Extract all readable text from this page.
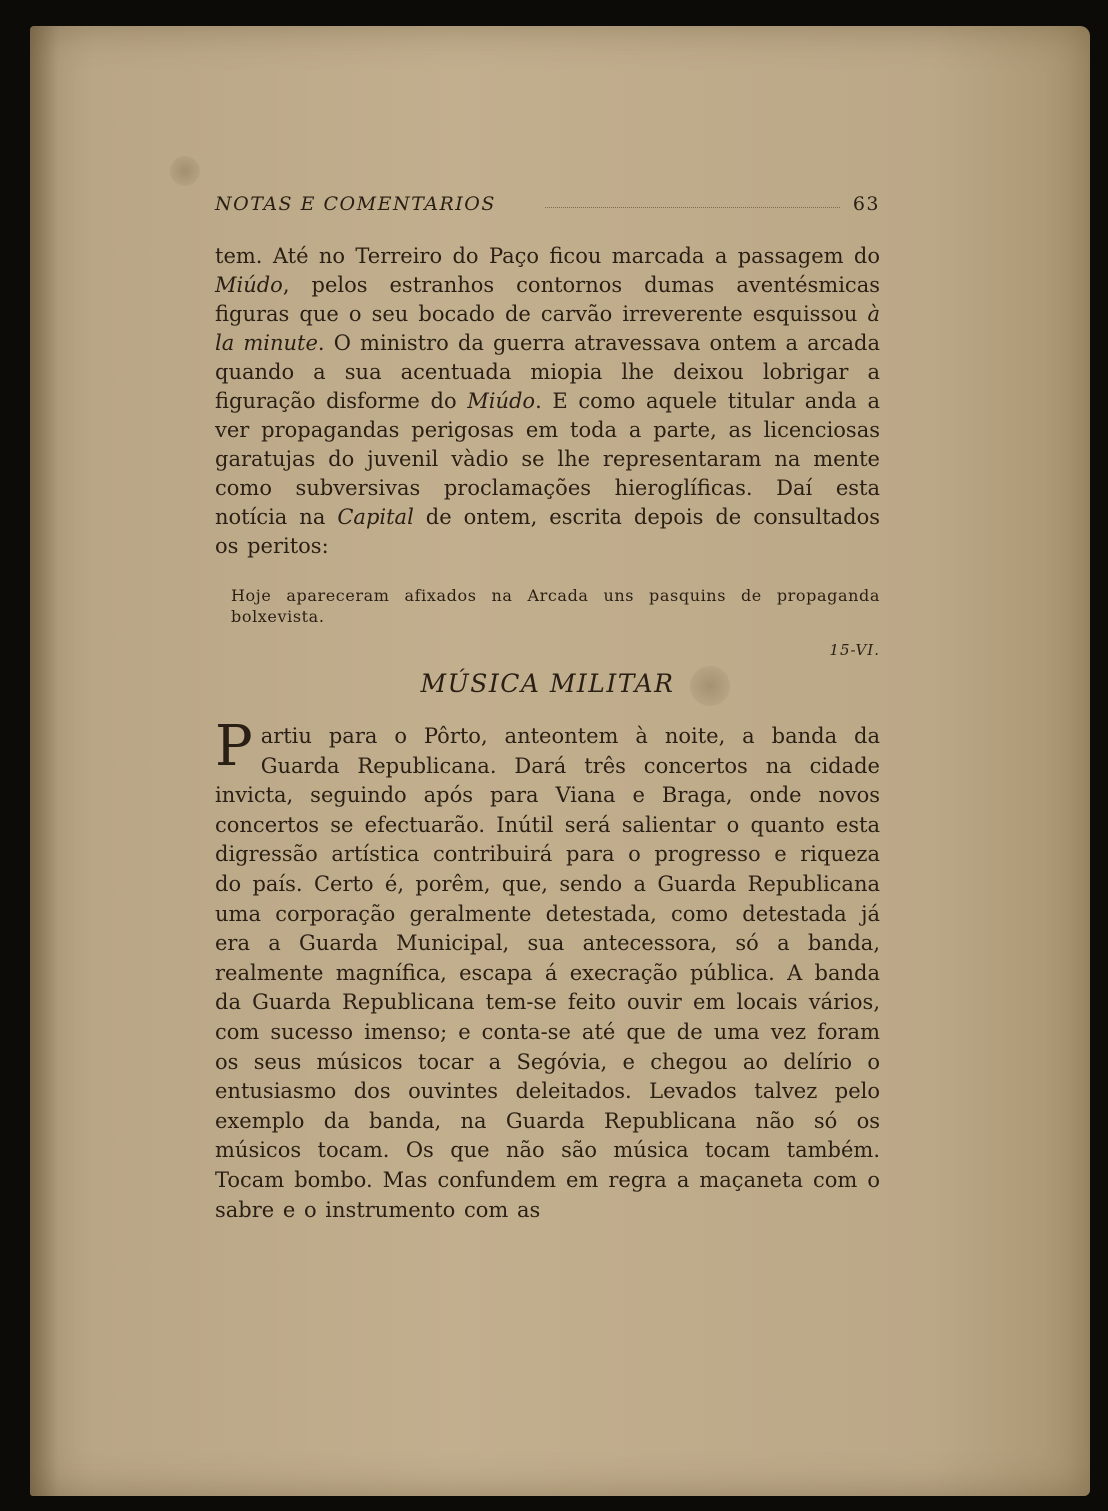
NOTAS E COMENTARIOS	63

tem. Até no Terreiro do Paço ficou marcada a passagem do Miúdo, pelos estranhos contornos dumas aventésmicas figuras que o seu bocado de carvão irreverente esquissou à la minute. O ministro da guerra atravessava ontem a arcada quando a sua acentuada miopia lhe deixou lobrigar a figuração disforme do Miúdo. E como aquele titular anda a ver propagandas perigosas em toda a parte, as licenciosas garatujas do juvenil vàdio se lhe representaram na mente como subversivas proclamações hieroglíficas. Daí esta notícia na Capital de ontem, escrita depois de consultados os peritos:

Hoje apareceram afixados na Arcada uns pasquins de propaganda bolxevista.

15-VI.
MÚSICA MILITAR

Partiu para o Pôrto, anteontem à noite, a banda da Guarda Republicana. Dará três concertos na cidade invicta, seguindo após para Viana e Braga, onde novos concertos se efectuarão. Inútil será salientar o quanto esta digressão artística contribuirá para o progresso e riqueza do país. Certo é, porêm, que, sendo a Guarda Republicana uma corporação geralmente detestada, como detestada já era a Guarda Municipal, sua antecessora, só a banda, realmente magnífica, escapa á execração pública. A banda da Guarda Republicana tem-se feito ouvir em locais vários, com sucesso imenso; e conta-se até que de uma vez foram os seus músicos tocar a Segóvia, e chegou ao delírio o entusiasmo dos ouvintes deleitados. Levados talvez pelo exemplo da banda, na Guarda Republicana não só os músicos tocam. Os que não são música tocam também. Tocam bombo. Mas confundem em regra a maçaneta com o sabre e o instrumento com as
